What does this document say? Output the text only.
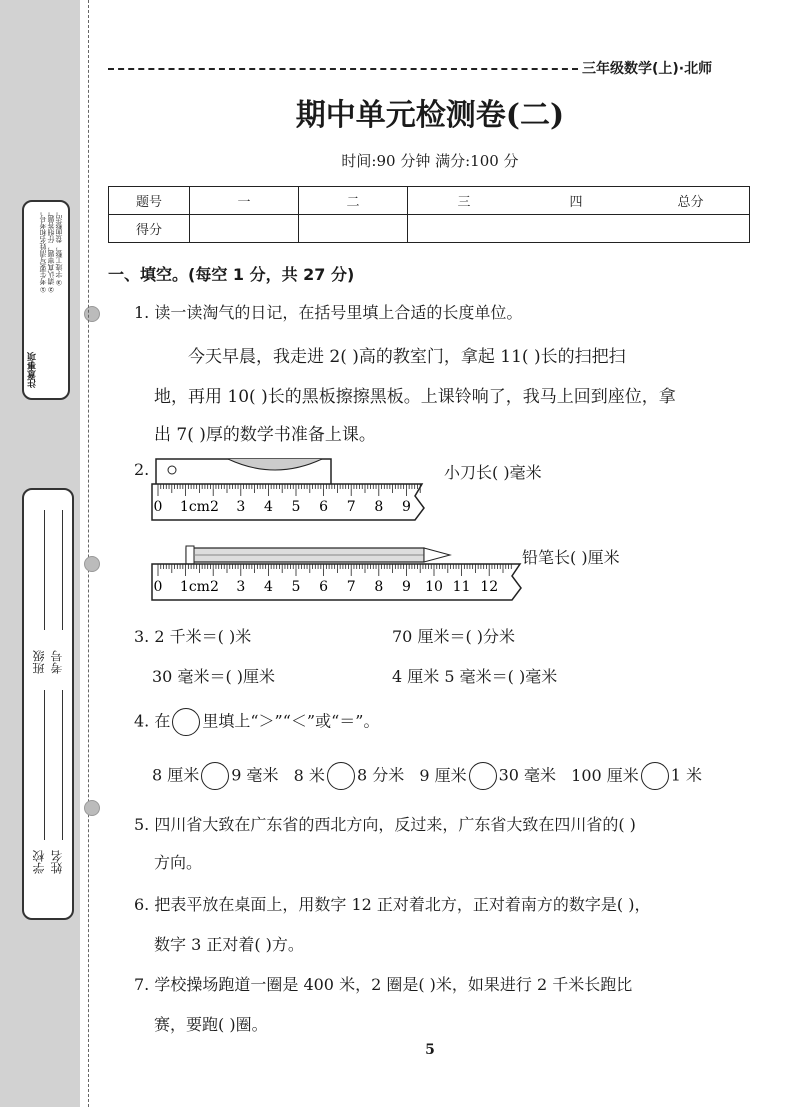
注意事项
①考生要写清姓名和考号。 ②请认真审题，仔细答题。 ③字迹工整，卷面整洁。
学校 姓名
班级 考号
三年级数学(上)·北师
期中单元检测卷(二)
时间:90 分钟 满分:100 分
题号	一	二	三	四	总分
得分					
一、填空。(每空 1 分，共 27 分)
1. 读一读淘气的日记，在括号里填上合适的长度单位。
今天早晨，我走进 2( )高的教室门，拿起 11( )长的扫把扫
地，再用 10( )长的黑板擦擦黑板。上课铃响了，我马上回到座位，拿
出 7( )厚的数学书准备上课。
2.	小刀长( )毫米
铅笔长( )厘米
0 1cm2 3 4 5 6 7 8 9
0 1cm2 3 4 5 6 7 8 9 10 11 12
3. 2 千米＝( )米	70 厘米＝( )分米
30 毫米＝( )厘米	4 厘米 5 毫米＝( )毫米
4. 在 里填上“＞”“＜”或“＝”。
8 厘米 9 毫米 8 米 8 分米 9 厘米 30 毫米 100 厘米 1 米
5. 四川省大致在广东省的西北方向，反过来，广东省大致在四川省的( )
方向。
6. 把表平放在桌面上，用数字 12 正对着北方，正对着南方的数字是( )，
数字 3 正对着( )方。
7. 学校操场跑道一圈是 400 米，2 圈是( )米，如果进行 2 千米长跑比
赛，要跑( )圈。
5
